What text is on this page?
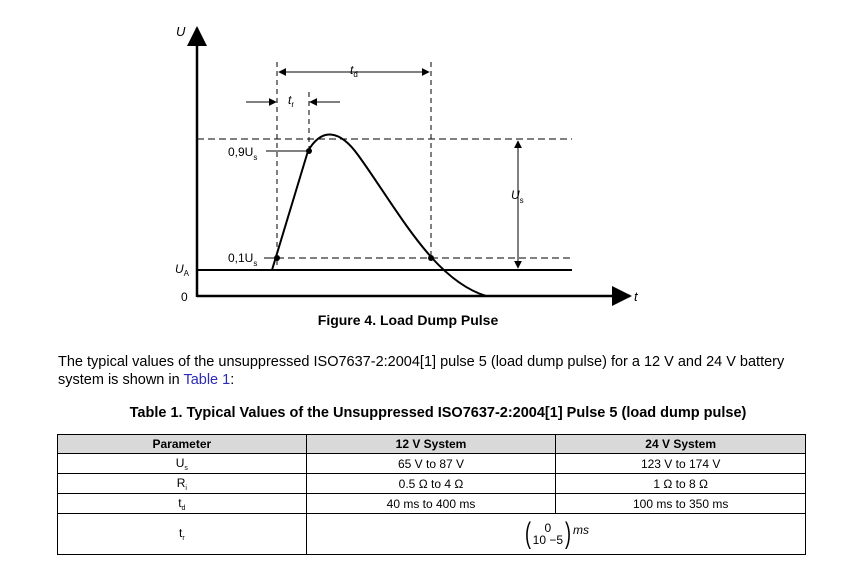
U
t
0
$U_A$
$t_d$
$t_r$
$U_s$
$0,9U_s$
$0,1U_s$
Figure 4. Load Dump Pulse
The typical values of the unsuppressed ISO7637-2:2004[1] pulse 5 (load dump pulse) for a 12 V and 24 V battery system is shown in Table 1:
Table 1. Typical Values of the Unsuppressed ISO7637-2:2004[1] Pulse 5 (load dump pulse)
Parameter	12 V System	24 V System
$U_s$	65 V to 87 V	123 V to 174 V
$R_i$	0.5 Ω to 4 Ω	1 Ω to 8 Ω
$t_d$	40 ms to 400 ms	100 ms to 350 ms
$t_r$	( 0
10 −5 ) ms	
